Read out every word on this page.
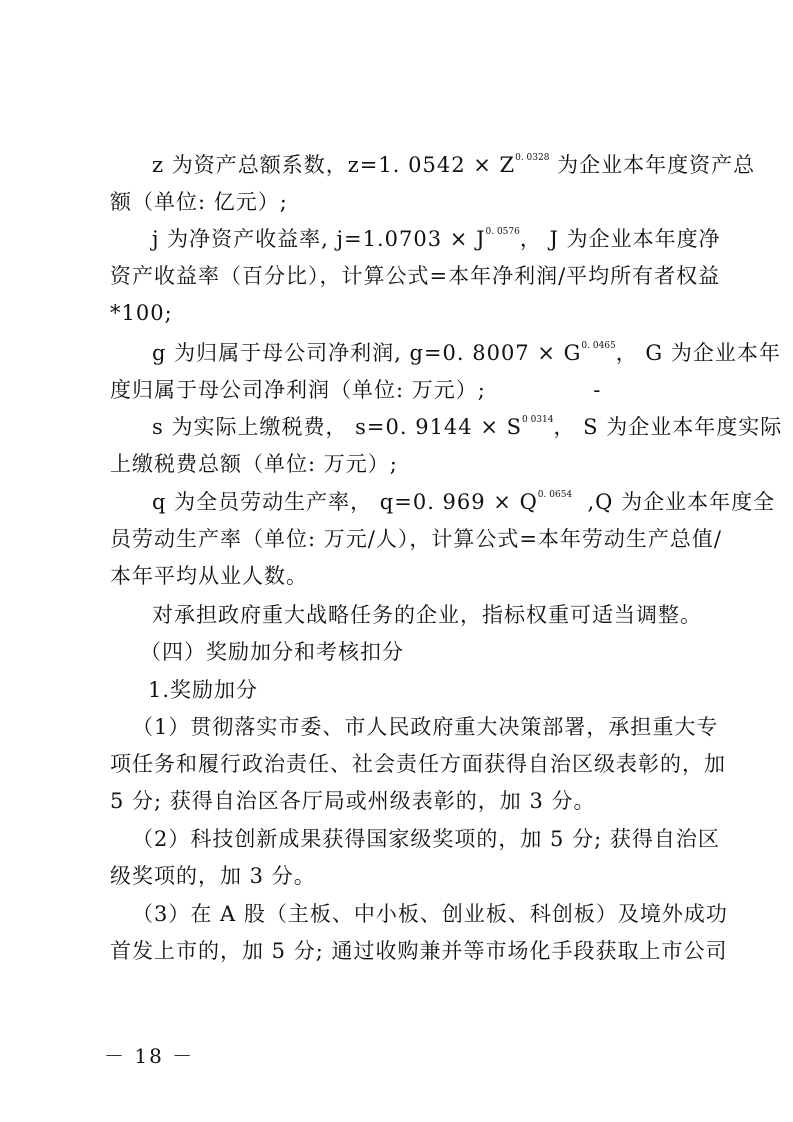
z 为资产总额系数，z=1. $0542 \times Z^{0. 0328}$ 为企业本年度资产总
额（单位: 亿元）;
j 为净资产收益率, $j=1.0703 \times J^{0. 0576}$， J 为企业本年度净
资产收益率（百分比），计算公式=本年净利润/平均所有者权益
*100;
g 为归属于母公司净利润, g=0. $8007 \times G^{0. 0465}$， G 为企业本年
度归属于母公司净利润（单位: 万元）;              -
s 为实际上缴税费， s=0. $9144 \times S^{0 0314}$， S 为企业本年度实际
上缴税费总额（单位: 万元）;
q 为全员劳动生产率， q=0. $969 \times Q^{0. 0654}$  ,Q 为企业本年度全
员劳动生产率（单位: 万元/人），计算公式=本年劳动生产总值/
本年平均从业人数。
对承担政府重大战略任务的企业，指标权重可适当调整。
（四）奖励加分和考核扣分
1.奖励加分
（1）贯彻落实市委、市人民政府重大决策部署，承担重大专
项任务和履行政治责任、社会责任方面获得自治区级表彰的，加
5 分; 获得自治区各厅局或州级表彰的，加 3 分。
（2）科技创新成果获得国家级奖项的，加 5 分; 获得自治区
级奖项的，加 3 分。
（3）在 A 股（主板、中小板、创业板、科创板）及境外成功
首发上市的，加 5 分; 通过收购兼并等市场化手段获取上市公司
－ 18 －
